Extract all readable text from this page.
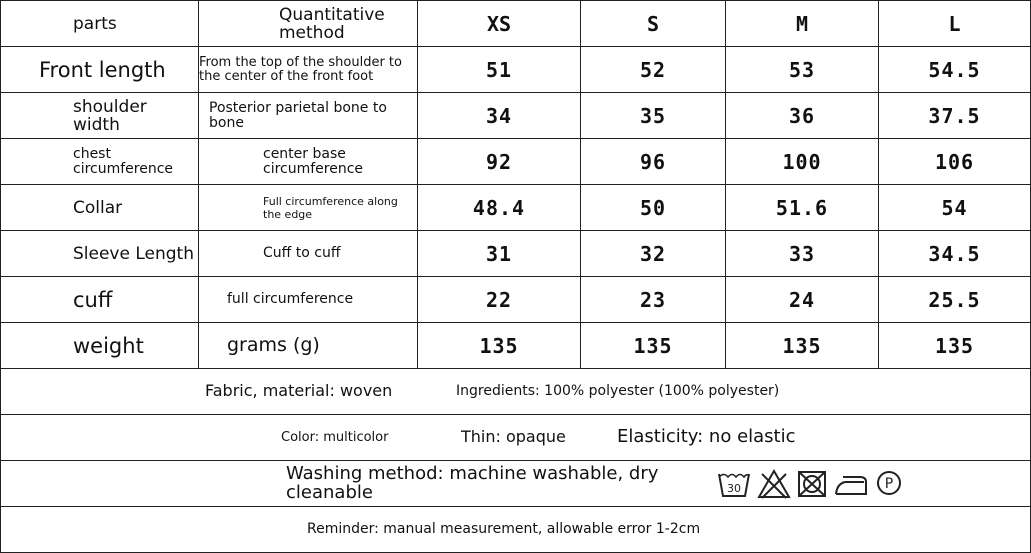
parts	Quantitative method	XS	S	M	L
Front length	From the top of the shoulder to the center of the front foot	51	52	53	54.5
shoulder width	Posterior parietal bone to bone	34	35	36	37.5
chest circumference	center base circumference	92	96	100	106
Collar	Full circumference along the edge	48.4	50	51.6	54
Sleeve Length	Cuff to cuff	31	32	33	34.5
cuff	full circumference	22	23	24	25.5
weight	grams (g)	135	135	135	135

Fabric, material: woven Ingredients: 100% polyester (100% polyester)					

Color: multicolor Thin: opaque Elasticity: no elastic					

Washing method: machine washable, dry cleanable					

Reminder: manual measurement, allowable error 1-2cm					
30	P
